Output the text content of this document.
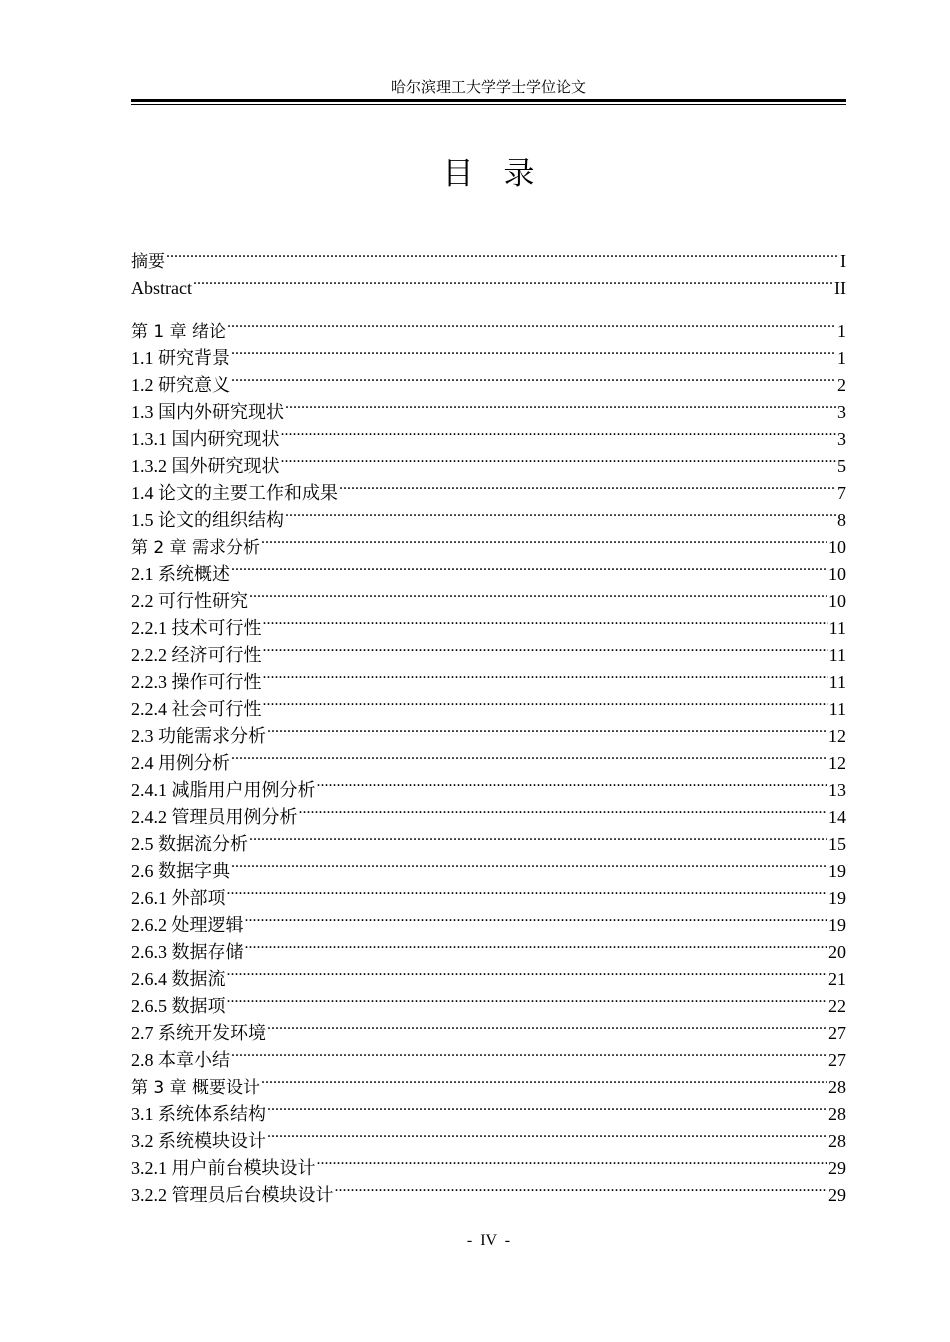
哈尔滨理工大学学士学位论文
目录
摘要 .....	I
Abstract .....	II
第 1 章 绪论 .....	1
1.1 研究背景 .....	1
1.2 研究意义 .....	2
1.3 国内外研究现状 .....	3
1.3.1 国内研究现状 .....	3
1.3.2 国外研究现状 .....	5
1.4 论文的主要工作和成果 .....	7
1.5 论文的组织结构 .....	8
第 2 章 需求分析 .....	10
2.1 系统概述 .....	10
2.2 可行性研究 .....	10
2.2.1 技术可行性 .....	11
2.2.2 经济可行性 .....	11
2.2.3 操作可行性 .....	11
2.2.4 社会可行性 .....	11
2.3 功能需求分析 .....	12
2.4 用例分析 .....	12
2.4.1 减脂用户用例分析 .....	13
2.4.2 管理员用例分析 .....	14
2.5 数据流分析 .....	15
2.6 数据字典 .....	19
2.6.1 外部项 .....	19
2.6.2 处理逻辑 .....	19
2.6.3 数据存储 .....	20
2.6.4 数据流 .....	21
2.6.5 数据项 .....	22
2.7 系统开发环境 .....	27
2.8 本章小结 .....	27
第 3 章 概要设计 .....	28
3.1 系统体系结构 .....	28
3.2 系统模块设计 .....	28
3.2.1 用户前台模块设计 .....	29
3.2.2 管理员后台模块设计 .....	29
- IV -
